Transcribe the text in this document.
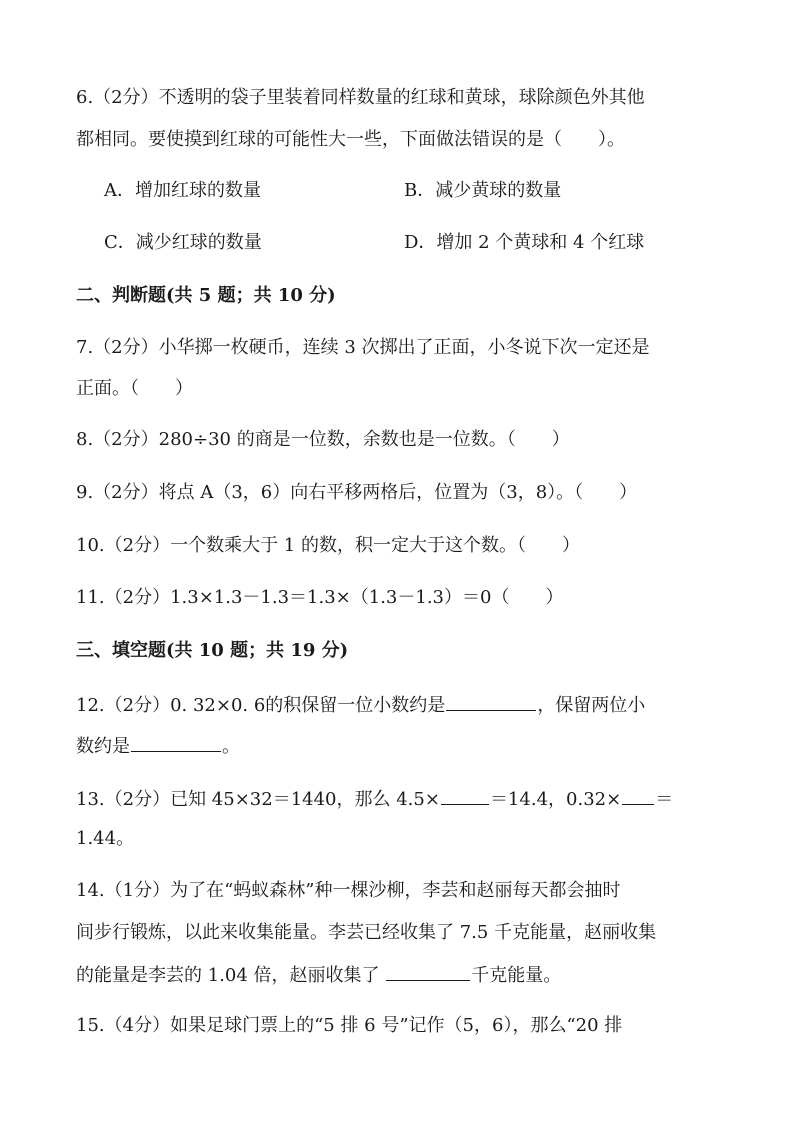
6.（2分）不透明的袋子里装着同样数量的红球和黄球，球除颜色外其他
都相同。要使摸到红球的可能性大一些，下面做法错误的是（　　）。
A．增加红球的数量	B．减少黄球的数量
C．减少红球的数量	D．增加 2 个黄球和 4 个红球
二、判断题(共 5 题；共 10 分)
7.（2分）小华掷一枚硬币，连续 3 次掷出了正面，小冬说下次一定还是
正面。（　　）
8.（2分）280÷30 的商是一位数，余数也是一位数。（　　）
9.（2分）将点 A（3，6）向右平移两格后，位置为（3，8）。（　　）
10.（2分）一个数乘大于 1 的数，积一定大于这个数。（　　）
11.（2分）1.3×1.3－1.3＝1.3×（1.3－1.3）＝0（　　）
三、填空题(共 10 题；共 19 分)
12.（2分）0. 32×0. 6的积保留一位小数约是	，保留两位小
数约是	。
13.（2分）已知 45×32＝1440，那么 4.5×	＝14.4，0.32× ＝
1.44。
14.（1分）为了在“蚂蚁森林”种一棵沙柳，李芸和赵丽每天都会抽时
间步行锻炼，以此来收集能量。李芸已经收集了 7.5 千克能量，赵丽收集
的能量是李芸的 1.04 倍，赵丽收集了	千克能量。
15.（4分）如果足球门票上的“5 排 6 号”记作（5，6），那么“20 排
